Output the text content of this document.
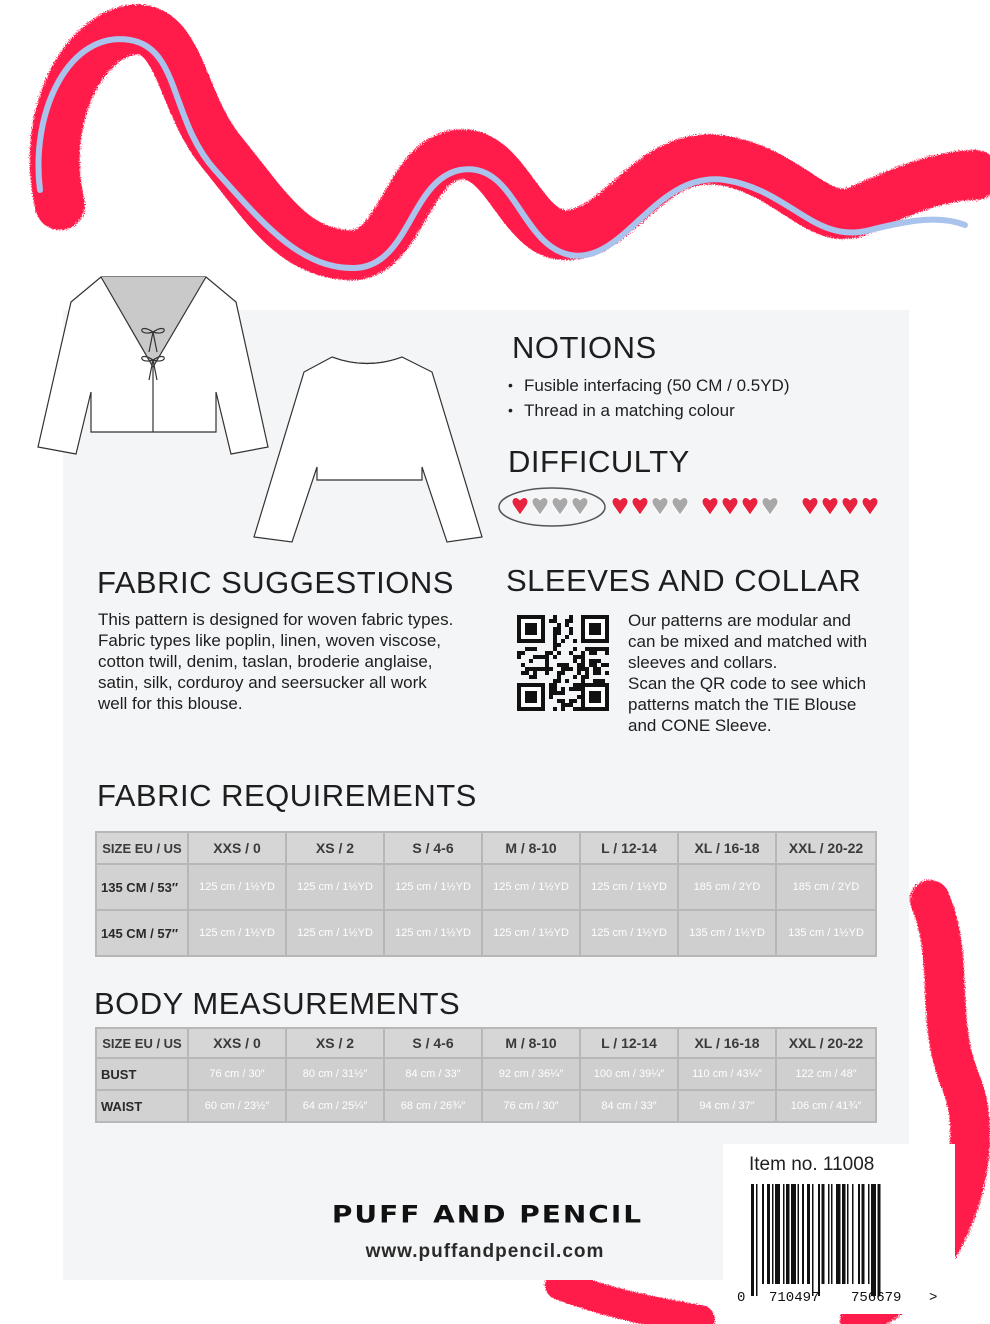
NOTIONS
• Fusible interfacing (50 CM / 0.5YD)
• Thread in a matching colour
DIFFICULTY
FABRIC SUGGESTIONS
This pattern is designed for woven fabric types.
Fabric types like poplin, linen, woven viscose,
cotton twill, denim, taslan, broderie anglaise,
satin, silk, corduroy and seersucker all work
well for this blouse.
SLEEVES AND COLLAR
Our patterns are modular and
can be mixed and matched with
sleeves and collars.
Scan the QR code to see which
patterns match the TIE Blouse
and CONE Sleeve.
FABRIC REQUIREMENTS
SIZE EU / US	XXS / 0	XS / 2	S / 4-6	M / 8-10	L / 12-14	XL / 16-18	XXL / 20-22
135 CM / 53″	125 cm / 1½YD	125 cm / 1½YD	125 cm / 1½YD	125 cm / 1½YD	125 cm / 1½YD	185 cm / 2YD	185 cm / 2YD
145 CM / 57″	125 cm / 1½YD	125 cm / 1½YD	125 cm / 1½YD	125 cm / 1½YD	125 cm / 1½YD	135 cm / 1½YD	135 cm / 1½YD
BODY MEASUREMENTS
SIZE EU / US	XXS / 0	XS / 2	S / 4-6	M / 8-10	L / 12-14	XL / 16-18	XXL / 20-22
BUST	76 cm / 30″	80 cm / 31½″	84 cm / 33″	92 cm / 36¼″	100 cm / 39¼″	110 cm / 43¼″	122 cm / 48″
WAIST	60 cm / 23½″	64 cm / 25¼″	68 cm / 26¾″	76 cm / 30″	84 cm / 33″	94 cm / 37″	106 cm / 41¾″
PUFF AND PENCIL
www.puffandpencil.com
Item no. 11008
0 710497 756679 >
